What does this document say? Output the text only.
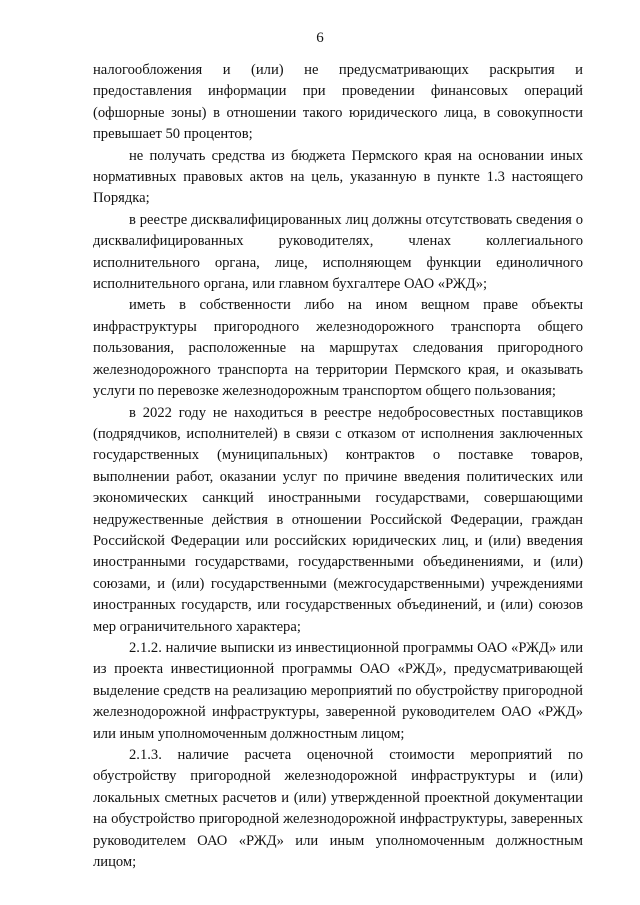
6

налогообложения и (или) не предусматривающих раскрытия и предоставления информации при проведении финансовых операций (офшорные зоны) в отношении такого юридического лица, в совокупности превышает 50 процентов;

не получать средства из бюджета Пермского края на основании иных нормативных правовых актов на цель, указанную в пункте 1.3 настоящего Порядка;

в реестре дисквалифицированных лиц должны отсутствовать сведения о дисквалифицированных руководителях, членах коллегиального исполнительного органа, лице, исполняющем функции единоличного исполнительного органа, или главном бухгалтере ОАО «РЖД»;

иметь в собственности либо на ином вещном праве объекты инфраструктуры пригородного железнодорожного транспорта общего пользования, расположенные на маршрутах следования пригородного железнодорожного транспорта на территории Пермского края, и оказывать услуги по перевозке железнодорожным транспортом общего пользования;

в 2022 году не находиться в реестре недобросовестных поставщиков (подрядчиков, исполнителей) в связи с отказом от исполнения заключенных государственных (муниципальных) контрактов о поставке товаров, выполнении работ, оказании услуг по причине введения политических или экономических санкций иностранными государствами, совершающими недружественные действия в отношении Российской Федерации, граждан Российской Федерации или российских юридических лиц, и (или) введения иностранными государствами, государственными объединениями, и (или) союзами, и (или) государственными (межгосударственными) учреждениями иностранных государств, или государственных объединений, и (или) союзов мер ограничительного характера;

2.1.2. наличие выписки из инвестиционной программы ОАО «РЖД» или из проекта инвестиционной программы ОАО «РЖД», предусматривающей выделение средств на реализацию мероприятий по обустройству пригородной железнодорожной инфраструктуры, заверенной руководителем ОАО «РЖД» или иным уполномоченным должностным лицом;

2.1.3. наличие расчета оценочной стоимости мероприятий по обустройству пригородной железнодорожной инфраструктуры и (или) локальных сметных расчетов и (или) утвержденной проектной документации на обустройство пригородной железнодорожной инфраструктуры, заверенных руководителем ОАО «РЖД» или иным уполномоченным должностным лицом;
